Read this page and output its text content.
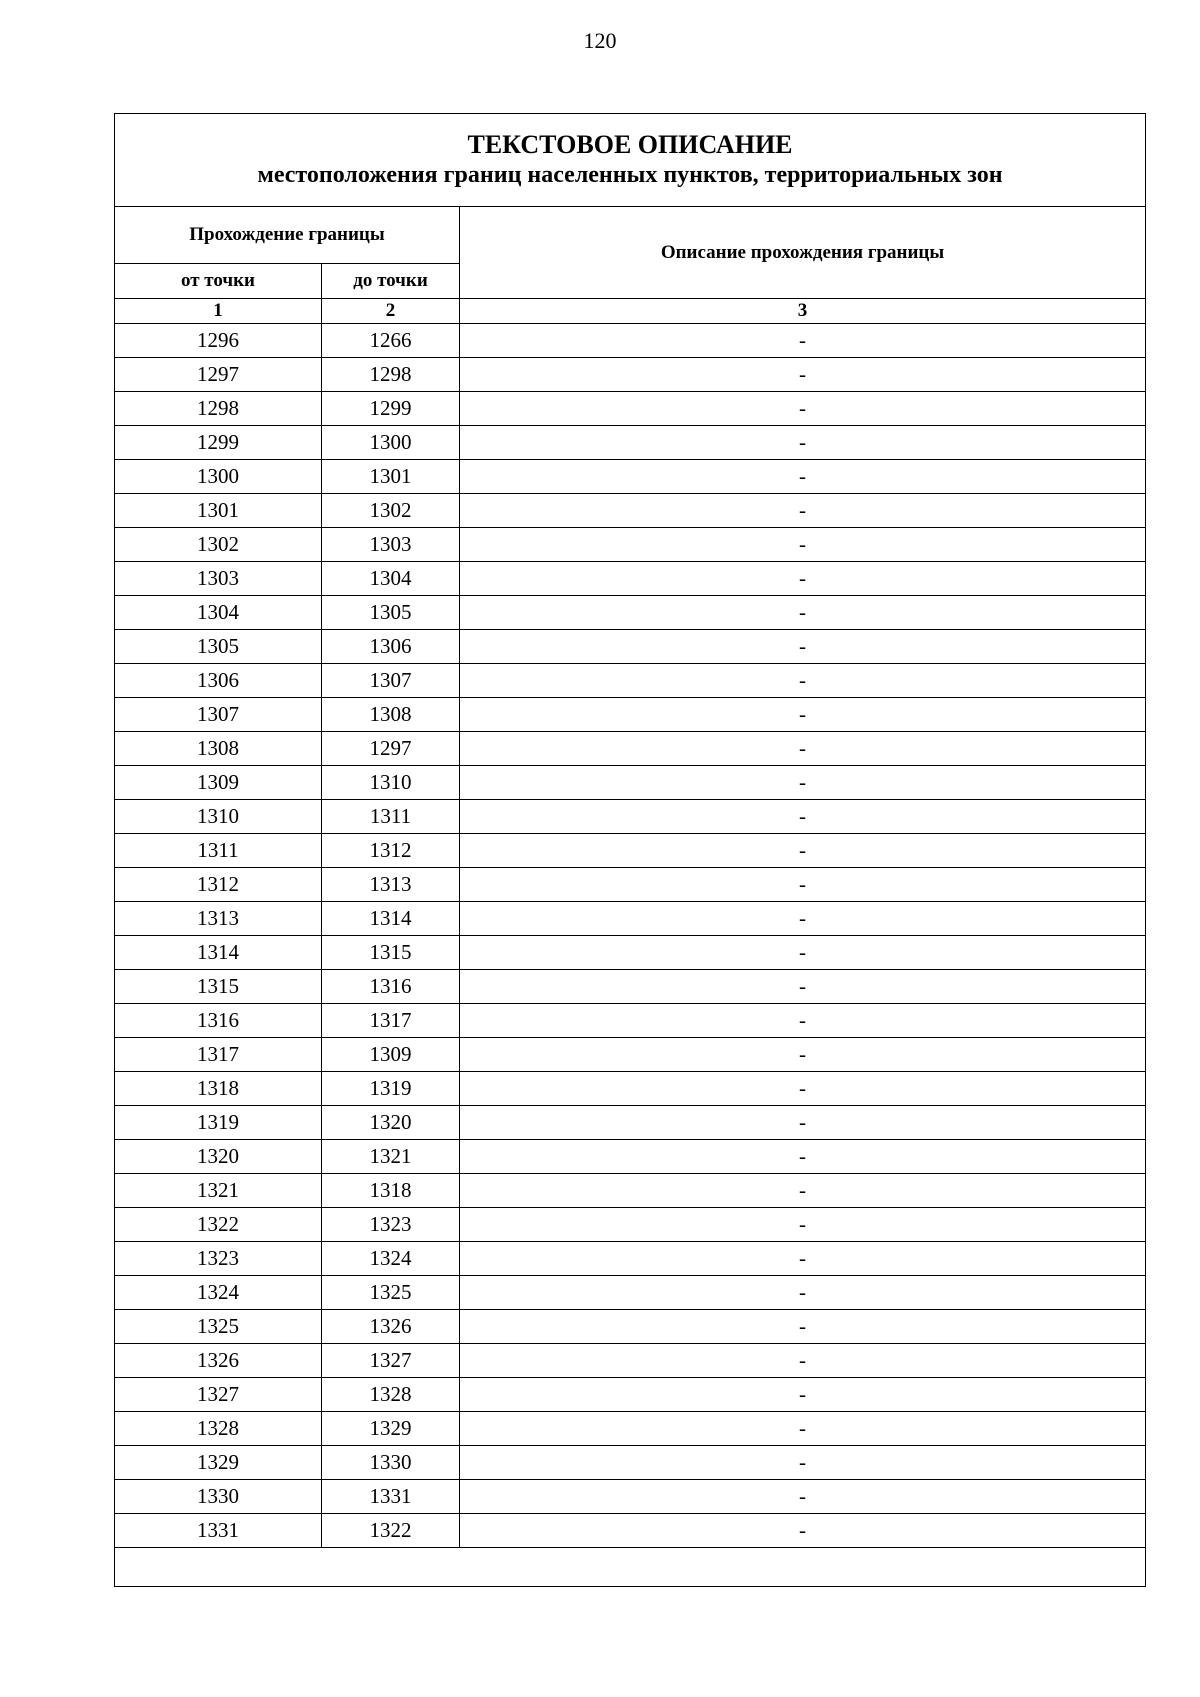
120
ТЕКСТОВОЕ ОПИСАНИЕ
местоположения границ населенных пунктов, территориальных зон		

Прохождение границы		Описание прохождения границы
от точки	до точки	
1	2	3
1296	1266	-
1297	1298	-
1298	1299	-
1299	1300	-
1300	1301	-
1301	1302	-
1302	1303	-
1303	1304	-
1304	1305	-
1305	1306	-
1306	1307	-
1307	1308	-
1308	1297	-
1309	1310	-
1310	1311	-
1311	1312	-
1312	1313	-
1313	1314	-
1314	1315	-
1315	1316	-
1316	1317	-
1317	1309	-
1318	1319	-
1319	1320	-
1320	1321	-
1321	1318	-
1322	1323	-
1323	1324	-
1324	1325	-
1325	1326	-
1326	1327	-
1327	1328	-
1328	1329	-
1329	1330	-
1330	1331	-
1331	1322	-
